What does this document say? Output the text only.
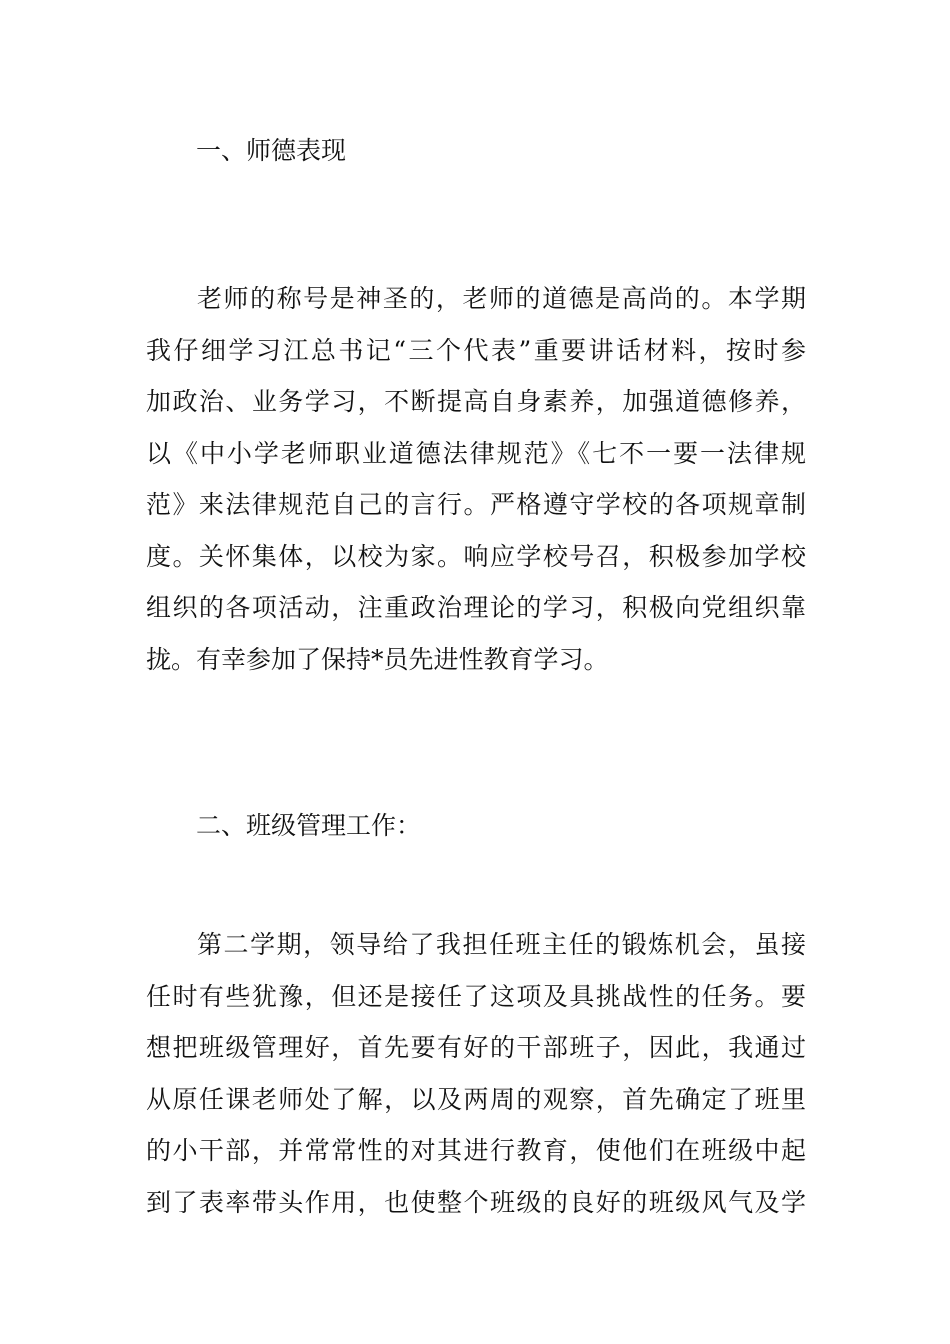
一、师德表现
老师的称号是神圣的，老师的道德是高尚的。本学期
我仔细学习江总书记“三个代表”重要讲话材料，按时参
加政治、业务学习，不断提高自身素养，加强道德修养，
以《中小学老师职业道德法律规范》《七不一要一法律规
范》来法律规范自己的言行。严格遵守学校的各项规章制
度。关怀集体，以校为家。响应学校号召，积极参加学校
组织的各项活动，注重政治理论的学习，积极向党组织靠
拢。有幸参加了保持*员先进性教育学习。
二、班级管理工作：
第二学期，领导给了我担任班主任的锻炼机会，虽接
任时有些犹豫，但还是接任了这项及具挑战性的任务。要
想把班级管理好，首先要有好的干部班子，因此，我通过
从原任课老师处了解，以及两周的观察，首先确定了班里
的小干部，并常常性的对其进行教育，使他们在班级中起
到了表率带头作用，也使整个班级的良好的班级风气及学
